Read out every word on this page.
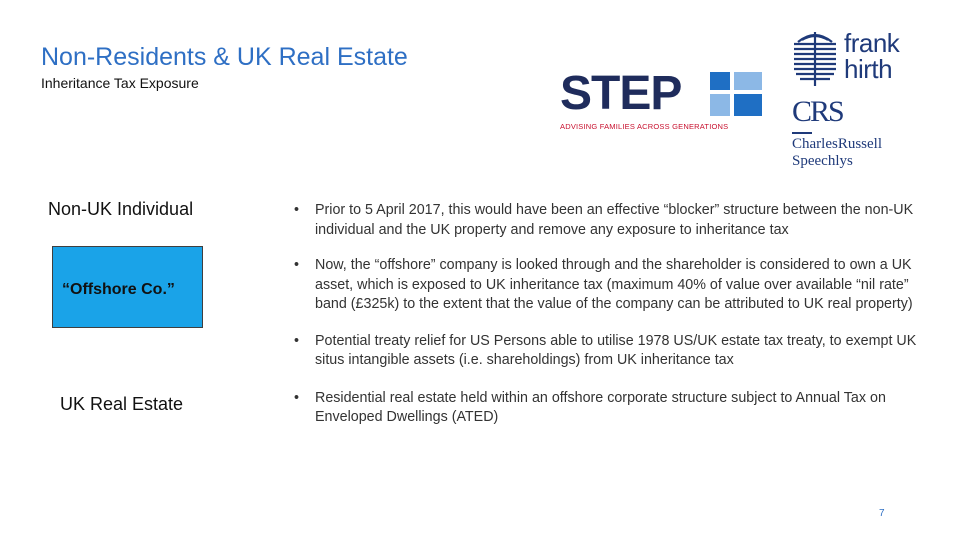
Non-Residents & UK Real Estate
Inheritance Tax Exposure	STEP
ADVISING FAMILIES ACROSS GENERATIONS
frank
hirth
CRS
CharlesRussell
Speechlys
Non-UK Individual
“Offshore Co.”
UK Real Estate
• Prior to 5 April 2017, this would have been an effective “blocker” structure between the non-UK individual and the UK property and remove any exposure to inheritance tax
• Now, the “offshore” company is looked through and the shareholder is considered to own a UK asset, which is exposed to UK inheritance tax (maximum 40% of value over available “nil rate” band (£325k) to the extent that the value of the company can be attributed to UK real property)
• Potential treaty relief for US Persons able to utilise 1978 US/UK estate tax treaty, to exempt UK situs intangible assets (i.e. shareholdings) from UK inheritance tax
• Residential real estate held within an offshore corporate structure subject to Annual Tax on Enveloped Dwellings (ATED)
7
